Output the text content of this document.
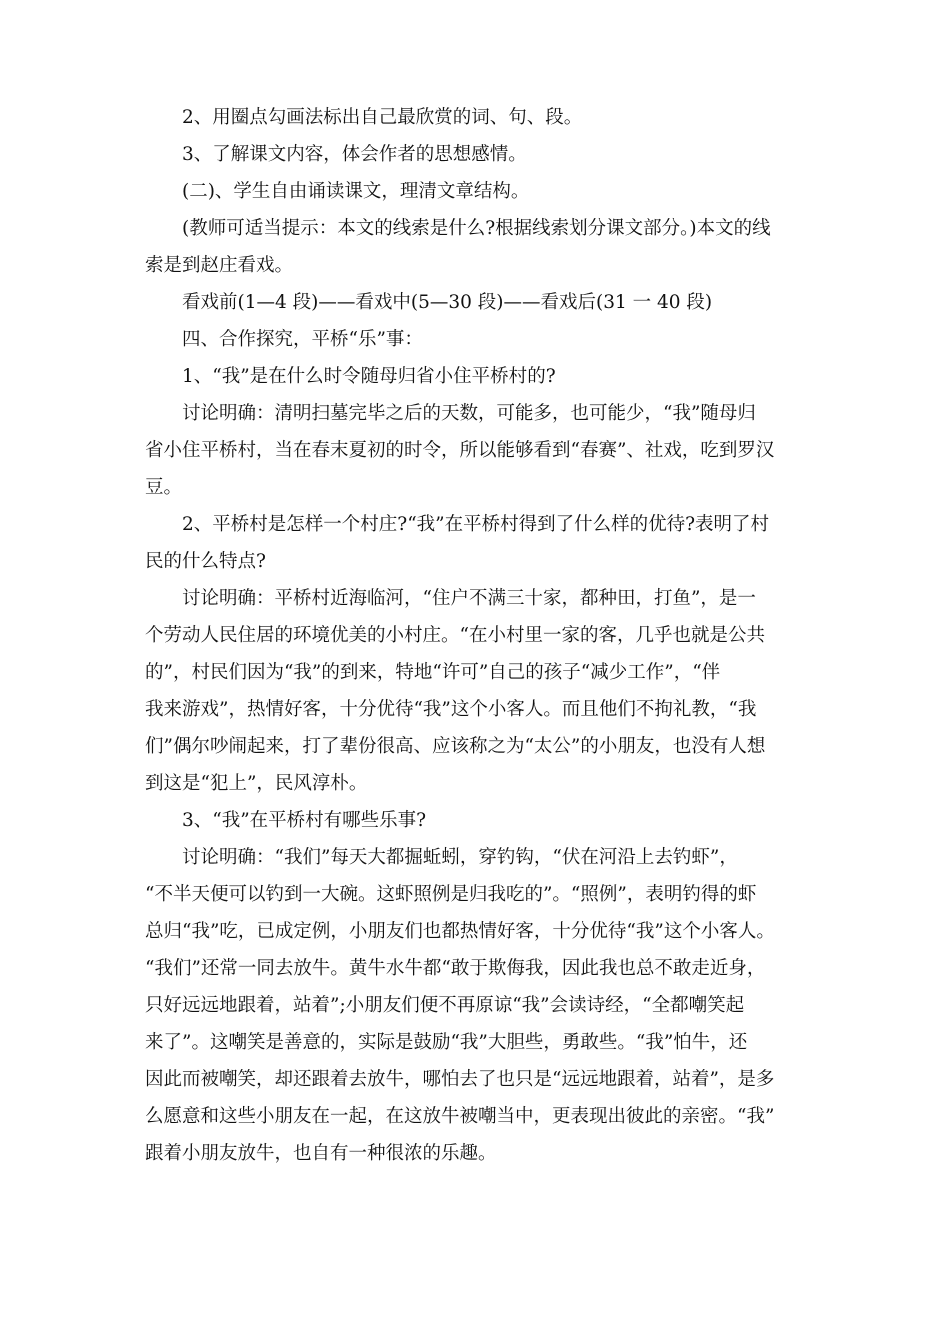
　　2、用圈点勾画法标出自己最欣赏的词、句、段。
　　3、了解课文内容，体会作者的思想感情。
　　(二)、学生自由诵读课文，理清文章结构。
　　(教师可适当提示：本文的线索是什么?根据线索划分课文部分。)本文的线
索是到赵庄看戏。
　　看戏前(1—4 段)——看戏中(5—30 段)——看戏后(31 一 40 段)
　　四、合作探究，平桥“乐”事：
　　1、“我”是在什么时令随母归省小住平桥村的?
　　讨论明确：清明扫墓完毕之后的天数，可能多，也可能少，“我”随母归
省小住平桥村，当在春末夏初的时令，所以能够看到“春赛”、社戏，吃到罗汉
豆。
　　2、平桥村是怎样一个村庄?“我”在平桥村得到了什么样的优待?表明了村
民的什么特点?
　　讨论明确：平桥村近海临河，“住户不满三十家，都种田，打鱼”，是一
个劳动人民住居的环境优美的小村庄。“在小村里一家的客，几乎也就是公共
的”，村民们因为“我”的到来，特地“许可”自己的孩子“减少工作”，“伴
我来游戏”，热情好客，十分优待“我”这个小客人。而且他们不拘礼教，“我
们”偶尔吵闹起来，打了辈份很高、应该称之为“太公”的小朋友，也没有人想
到这是“犯上”，民风淳朴。
　　3、“我”在平桥村有哪些乐事?
　　讨论明确：“我们”每天大都掘蚯蚓，穿钓钩，“伏在河沿上去钓虾”，
“不半天便可以钓到一大碗。这虾照例是归我吃的”。“照例”，表明钓得的虾
总归“我”吃，已成定例，小朋友们也都热情好客，十分优待“我”这个小客人。
“我们”还常一同去放牛。黄牛水牛都“敢于欺侮我，因此我也总不敢走近身，
只好远远地跟着，站着”;小朋友们便不再原谅“我”会读诗经，“全都嘲笑起
来了”。这嘲笑是善意的，实际是鼓励“我”大胆些，勇敢些。“我”怕牛，还
因此而被嘲笑，却还跟着去放牛，哪怕去了也只是“远远地跟着，站着”，是多
么愿意和这些小朋友在一起，在这放牛被嘲当中，更表现出彼此的亲密。“我”
跟着小朋友放牛，也自有一种很浓的乐趣。
